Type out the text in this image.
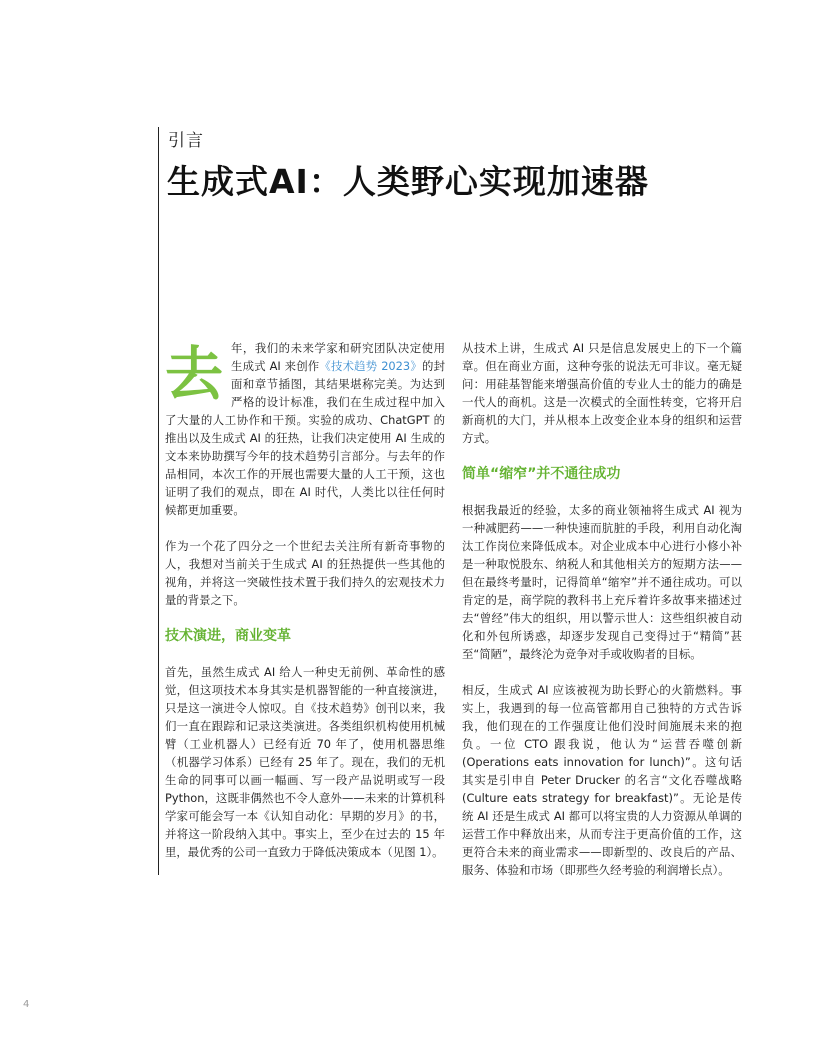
引言
生成式AI：人类野心实现加速器

去年，我们的未来学家和研究团队决定使用生成式 AI 来创作《技术趋势 2023》的封面和章节插图，其结果堪称完美。为达到严格的设计标准，我们在生成过程中加入了大量的人工协作和干预。实验的成功、ChatGPT 的推出以及生成式 AI 的狂热，让我们决定使用 AI 生成的文本来协助撰写今年的技术趋势引言部分。与去年的作品相同，本次工作的开展也需要大量的人工干预，这也证明了我们的观点，即在 AI 时代，人类比以往任何时候都更加重要。

作为一个花了四分之一个世纪去关注所有新奇事物的人，我想对当前关于生成式 AI 的狂热提供一些其他的视角，并将这一突破性技术置于我们持久的宏观技术力量的背景之下。

技术演进，商业变革

首先，虽然生成式 AI 给人一种史无前例、革命性的感觉，但这项技术本身其实是机器智能的一种直接演进，只是这一演进令人惊叹。自《技术趋势》创刊以来，我们一直在跟踪和记录这类演进。各类组织机构使用机械臂（工业机器人）已经有近 70 年了，使用机器思维（机器学习体系）已经有 25 年了。现在，我们的无机生命的同事可以画一幅画、写一段产品说明或写一段 Python，这既非偶然也不令人意外——未来的计算机科学家可能会写一本《认知自动化：早期的岁月》的书，并将这一阶段纳入其中。事实上，至少在过去的 15 年里，最优秀的公司一直致力于降低决策成本（见图 1）。

从技术上讲，生成式 AI 只是信息发展史上的下一个篇章。但在商业方面，这种夸张的说法无可非议。毫无疑问：用硅基智能来增强高价值的专业人士的能力的确是一代人的商机。这是一次模式的全面性转变，它将开启新商机的大门，并从根本上改变企业本身的组织和运营方式。

简单“缩窄”并不通往成功

根据我最近的经验，太多的商业领袖将生成式 AI 视为一种减肥药——一种快速而肮脏的手段，利用自动化淘汰工作岗位来降低成本。对企业成本中心进行小修小补是一种取悦股东、纳税人和其他相关方的短期方法——但在最终考量时，记得简单“缩窄”并不通往成功。可以肯定的是，商学院的教科书上充斥着许多故事来描述过去“曾经”伟大的组织，用以警示世人：这些组织被自动化和外包所诱惑，却逐步发现自己变得过于“精简”甚至“简陋”，最终沦为竞争对手或收购者的目标。

相反，生成式 AI 应该被视为助长野心的火箭燃料。事实上，我遇到的每一位高管都用自己独特的方式告诉我，他们现在的工作强度让他们没时间施展未来的抱负。一位 CTO 跟我说，他认为“运营吞噬创新 (Operations eats innovation for lunch)”。这句话其实是引申自 Peter Drucker 的名言“文化吞噬战略 (Culture eats strategy for breakfast)”。无论是传统 AI 还是生成式 AI 都可以将宝贵的人力资源从单调的运营工作中释放出来，从而专注于更高价值的工作，这更符合未来的商业需求——即新型的、改良后的产品、服务、体验和市场（即那些久经考验的利润增长点）。

4
